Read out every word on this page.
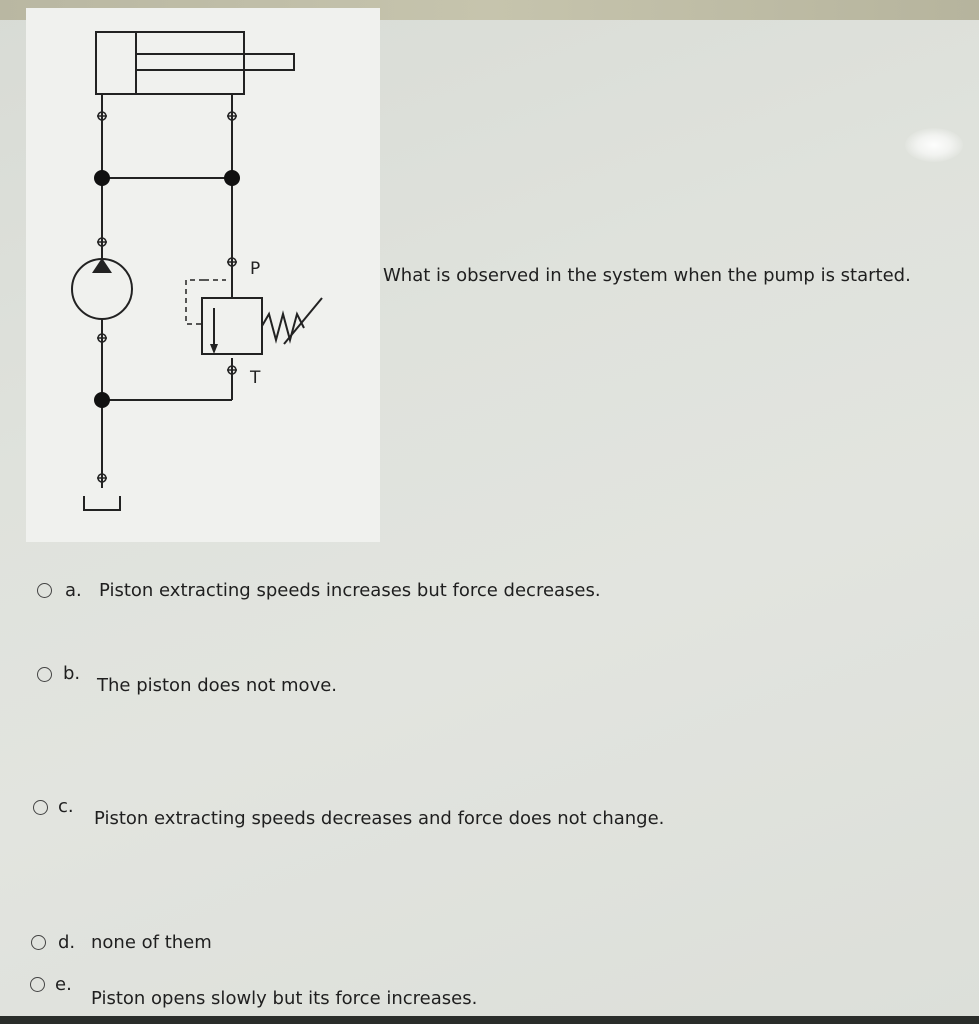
P
T
What is observed in the system when the pump is started.
a. Piston extracting speeds increases but force decreases.
b.
The piston does not move.
c.
Piston extracting speeds decreases and force does not change.
d. none of them
e.
Piston opens slowly but its force increases.
